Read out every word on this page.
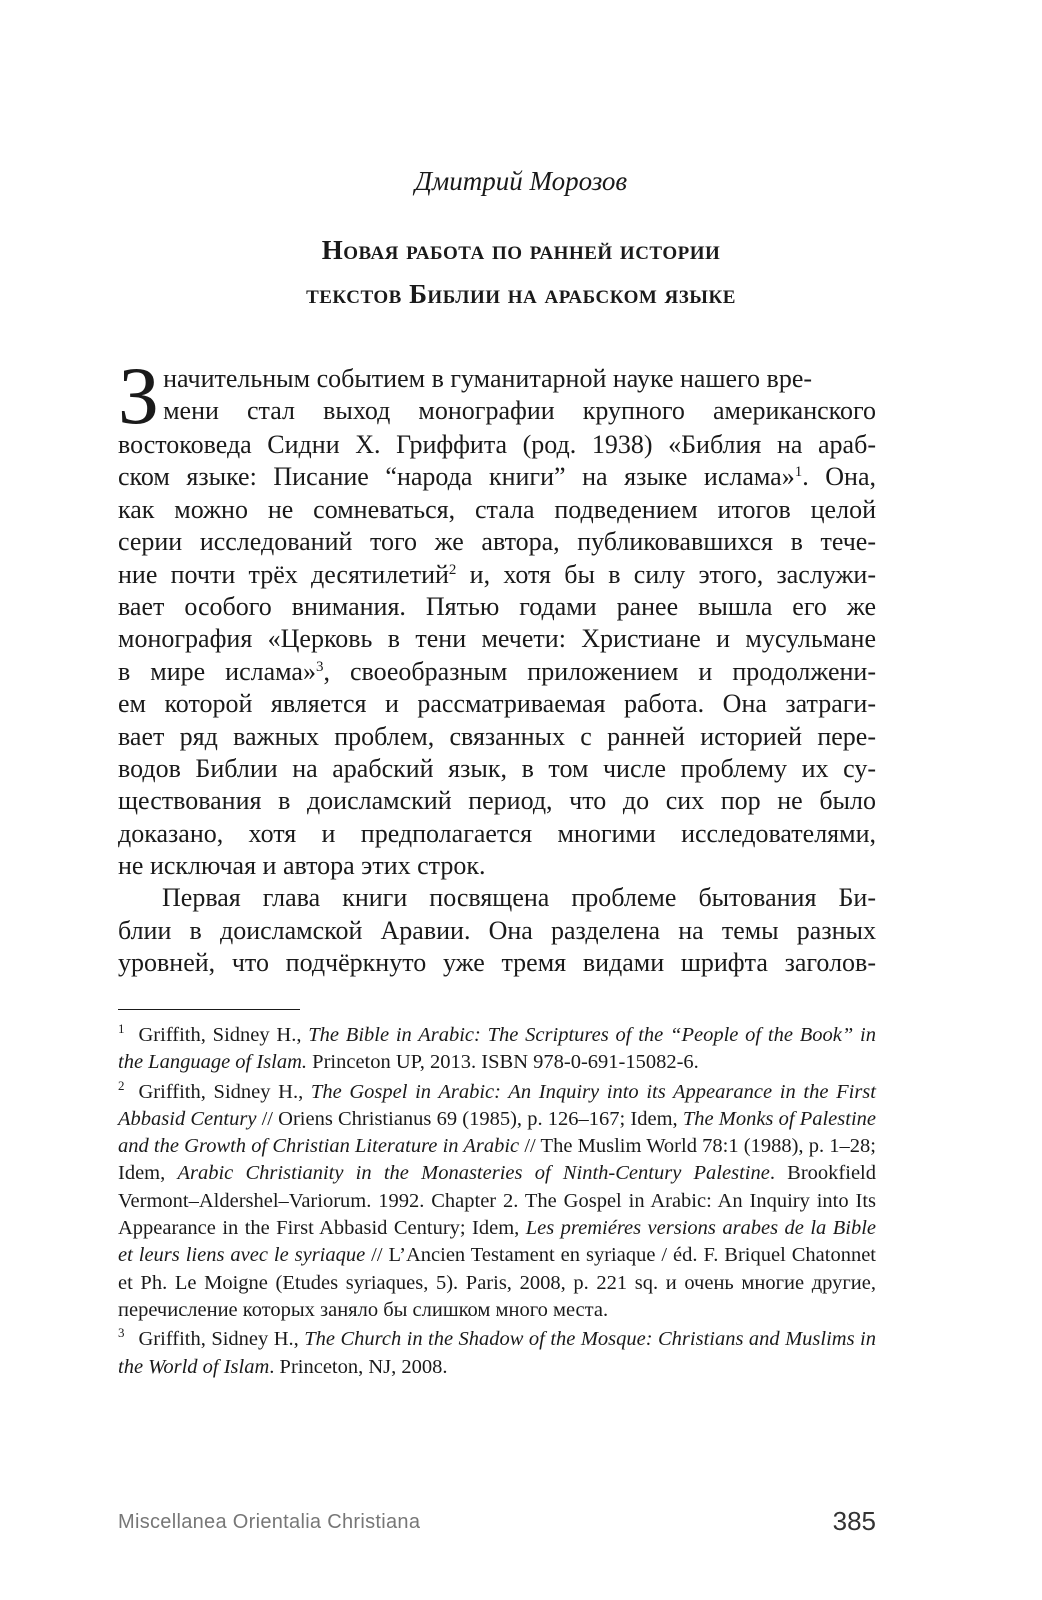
Дмитрий Морозов
Новая работа по ранней истории
текстов Библии на арабском языке
З начительным событием в гуманитарной науке нашего вре-
мени стал выход монографии крупного американского
востоковеда Сидни Х. Гриффита (род. 1938) «Библия на араб-
ском языке: Писание “народа книги” на языке ислама»$^1$. Она,
как можно не сомневаться, стала подведением итогов целой
серии исследований того же автора, публиковавшихся в тече-
ние почти трёх десятилетий$^2$ и, хотя бы в силу этого, заслужи-
вает особого внимания. Пятью годами ранее вышла его же
монография «Церковь в тени мечети: Христиане и мусульмане
в мире ислама»$^3$, своеобразным приложением и продолжени-
ем которой является и рассматриваемая работа. Она затраги-
вает ряд важных проблем, связанных с ранней историей пере-
водов Библии на арабский язык, в том числе проблему их су-
ществования в доисламский период, что до сих пор не было
доказано, хотя и предполагается многими исследователями,
не исключая и автора этих строк.
Первая глава книги посвящена проблеме бытования Би-
блии в доисламской Аравии. Она разделена на темы разных
уровней, что подчёркнуто уже тремя видами шрифта заголов-
$^1$ Griffith, Sidney H., The Bible in Arabic: The Scriptures of the “People of the Book” in the Language of Islam. Princeton UP, 2013. ISBN 978-0-691-15082-6.
$^2$ Griffith, Sidney H., The Gospel in Arabic: An Inquiry into its Appearance in the First Abbasid Century // Oriens Christianus 69 (1985), p. 126–167; Idem, The Monks of Palestine and the Growth of Christian Literature in Arabic // The Muslim World 78:1 (1988), p. 1–28; Idem, Arabic Christianity in the Monasteries of Ninth-Century Palestine. Brookfield Vermont–Aldershel–Variorum. 1992. Chapter 2. The Gospel in Arabic: An Inquiry into Its Appearance in the First Abbasid Century; Idem, Les premiéres versions arabes de la Bible et leurs liens avec le syriaque // L’Ancien Testament en syriaque / éd. F. Briquel Chatonnet et Ph. Le Moigne (Etudes syriaques, 5). Paris, 2008, p. 221 sq. и очень многие другие, перечисление которых заняло бы слишком много места.
$^3$ Griffith, Sidney H., The Church in the Shadow of the Mosque: Christians and Muslims in the World of Islam. Princeton, NJ, 2008.
Miscellanea Orientalia Christiana	385
